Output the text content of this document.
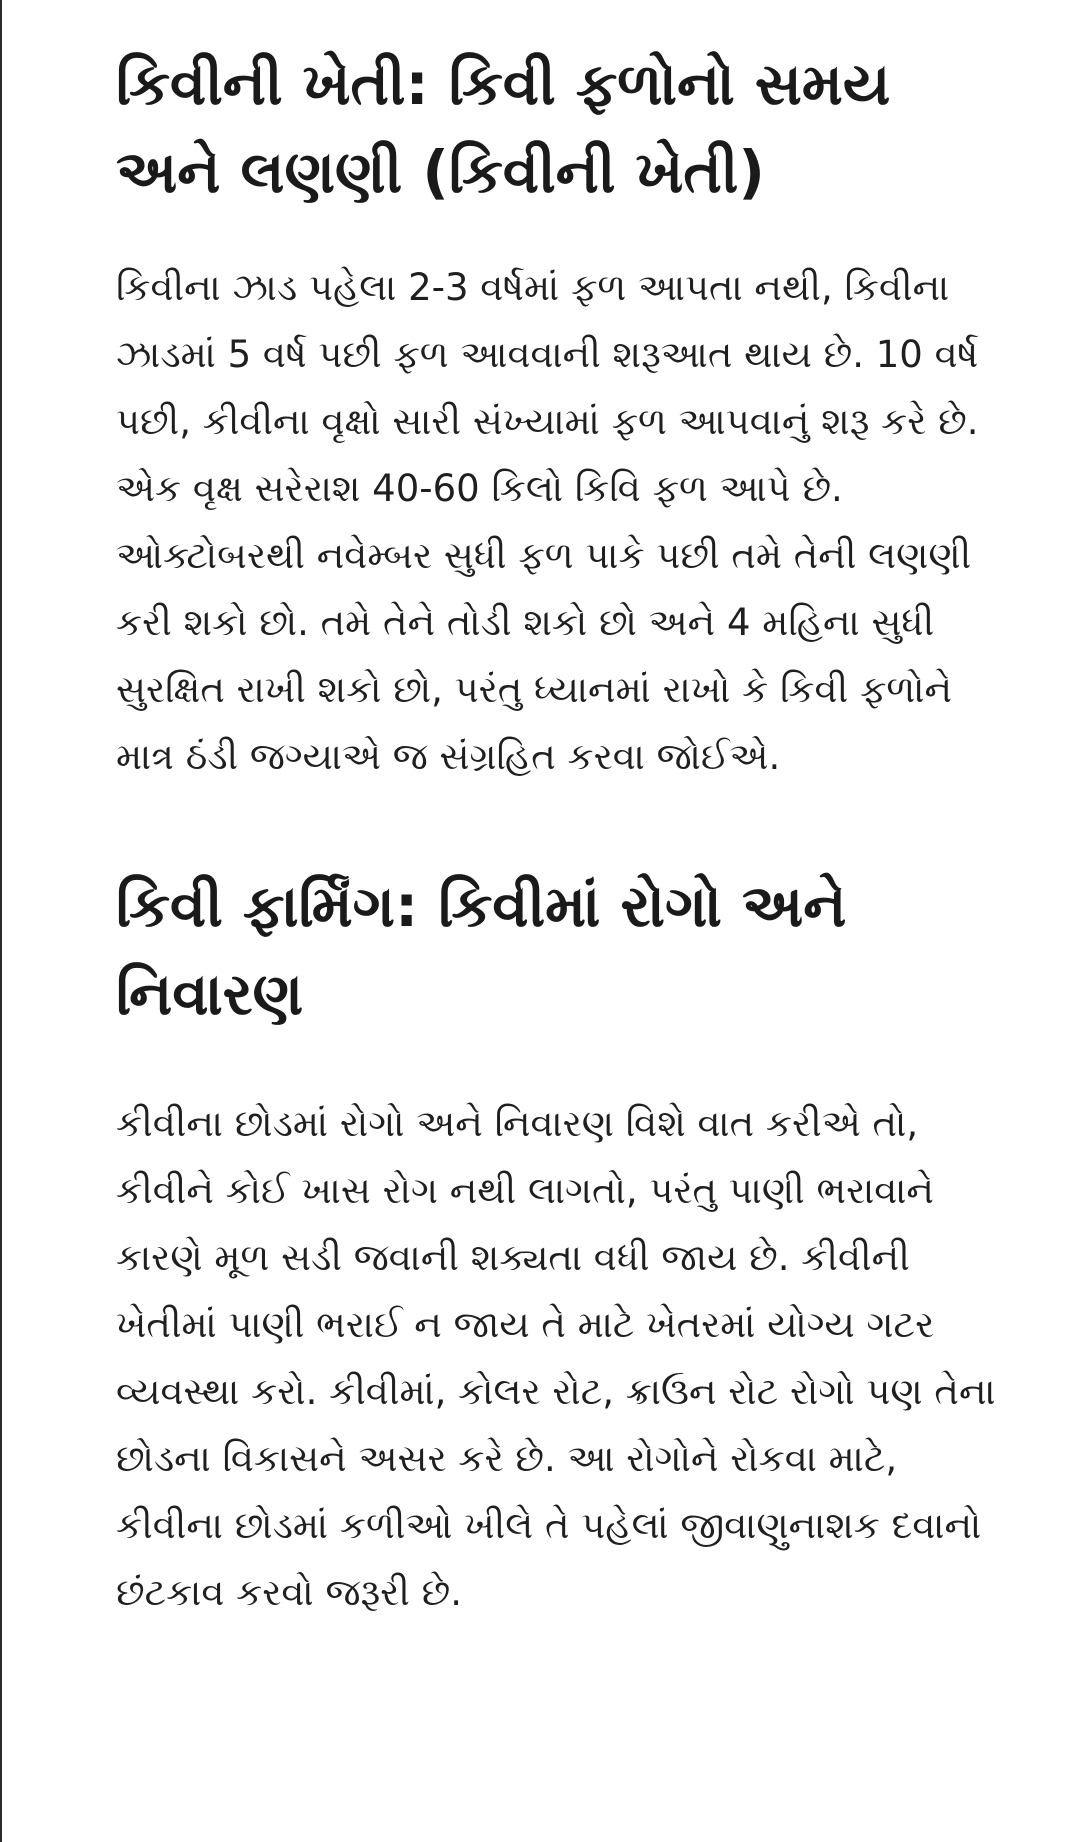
કિવીની ખેતી: કિવી ફળોનો સમય અને લણણી (કિવીની ખેતી)

કિવીના ઝાડ પહેલા 2-3 વર્ષમાં ફળ આપતા નથી, કિવીના ઝાડમાં 5 વર્ષ પછી ફળ આવવાની શરૂઆત થાય છે. 10 વર્ષ પછી, કીવીના વૃક્ષો સારી સંખ્યામાં ફળ આપવાનું શરૂ કરે છે. એક વૃક્ષ સરેરાશ 40-60 કિલો કિવિ ફળ આપે છે. ઓક્ટોબરથી નવેમ્બર સુધી ફળ પાકે પછી તમે તેની લણણી કરી શકો છો. તમે તેને તોડી શકો છો અને 4 મહિના સુધી સુરક્ષિત રાખી શકો છો, પરંતુ ધ્યાનમાં રાખો કે કિવી ફળોને માત્ર ઠંડી જગ્યાએ જ સંગ્રહિત કરવા જોઈએ.

કિવી ફાર્મિંગ: કિવીમાં રોગો અને નિવારણ

કીવીના છોડમાં રોગો અને નિવારણ વિશે વાત કરીએ તો, કીવીને કોઈ ખાસ રોગ નથી લાગતો, પરંતુ પાણી ભરાવાને કારણે મૂળ સડી જવાની શક્યતા વધી જાય છે. કીવીની ખેતીમાં પાણી ભરાઈ ન જાય તે માટે ખેતરમાં યોગ્ય ગટર વ્યવસ્થા કરો. કીવીમાં, કોલર રોટ, ક્રાઉન રોટ રોગો પણ તેના છોડના વિકાસને અસર કરે છે. આ રોગોને રોકવા માટે, કીવીના છોડમાં કળીઓ ખીલે તે પહેલાં જીવાણુનાશક દવાનો છંટકાવ કરવો જરૂરી છે.
